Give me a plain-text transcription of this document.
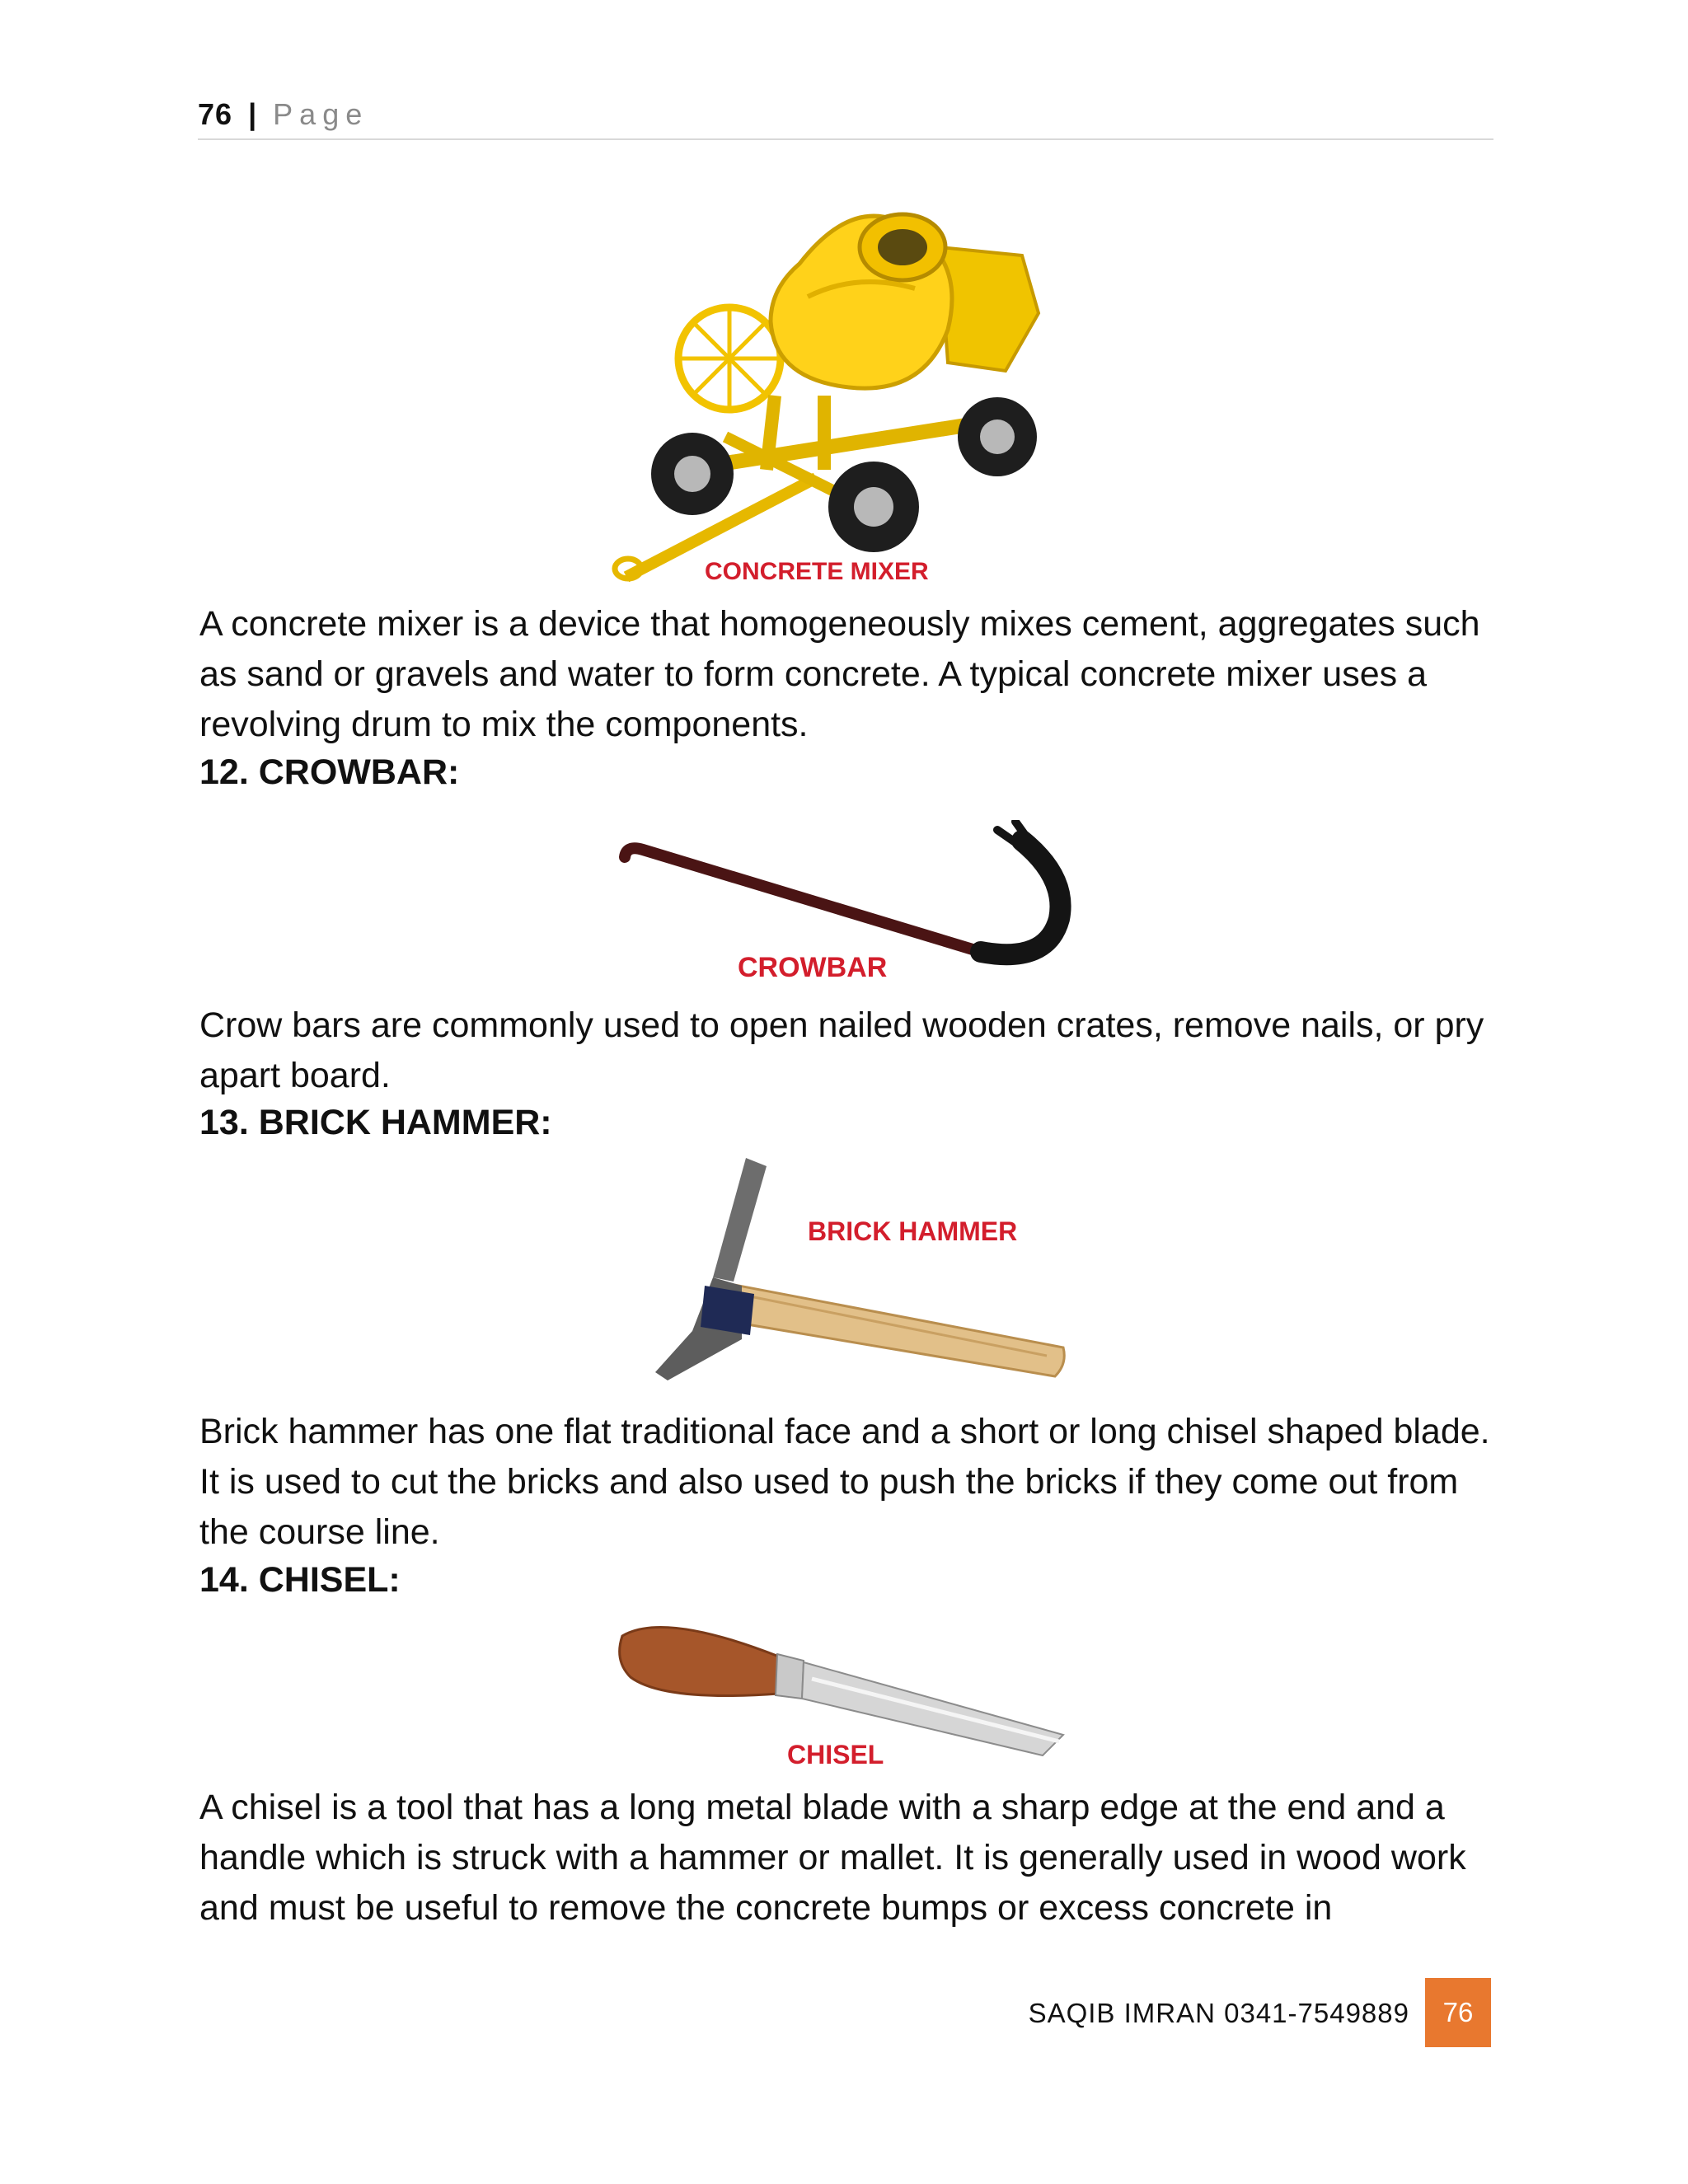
76 | Page
CONCRETE MIXER

A concrete mixer is a device that homogeneously mixes cement, aggregates such as sand or gravels and water to form concrete. A typical concrete mixer uses a revolving drum to mix the components.

12. CROWBAR:
CROWBAR

Crow bars are commonly used to open nailed wooden crates, remove nails, or pry apart board.

13. BRICK HAMMER:
BRICK HAMMER

Brick hammer has one flat traditional face and a short or long chisel shaped blade. It is used to cut the bricks and also used to push the bricks if they come out from the course line.

14. CHISEL:
CHISEL

A chisel is a tool that has a long metal blade with a sharp edge at the end and a handle which is struck with a hammer or mallet. It is generally used in wood work and must be useful to remove the concrete bumps or excess concrete in

SAQIB IMRAN 0341-7549889	76
